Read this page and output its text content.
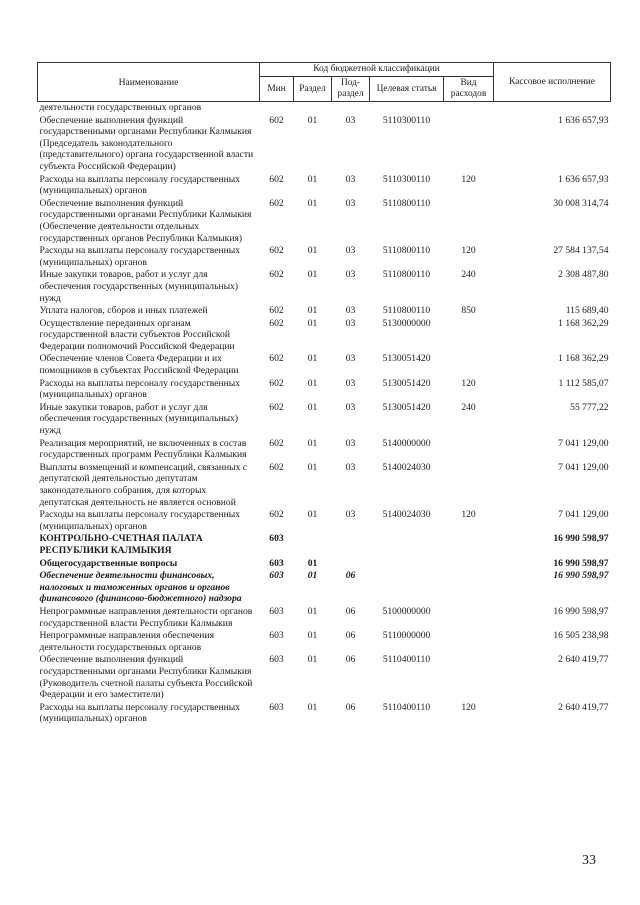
Наименование	Код бюджетной классификации					Кассовое исполнение
	Мин	Раздел	Под-раздел	Целевая статья	Вид расходов	
деятельности государственных органов						
Обеспечение выполнения функций государственными органами Республики Калмыкия (Председатель законодательного (представительного) органа государственной власти субъекта Российской Федерации)	602	01	03	5110300110		1 636 657,93
Расходы на выплаты персоналу государственных (муниципальных) органов	602	01	03	5110300110	120	1 636 657,93
Обеспечение выполнения функций государственными органами Республики Калмыкия (Обеспечение деятельности отдельных государственных органов Республики Калмыкия)	602	01	03	5110800110		30 008 314,74
Расходы на выплаты персоналу государственных (муниципальных) органов	602	01	03	5110800110	120	27 584 137,54
Иные закупки товаров, работ и услуг для обеспечения государственных (муниципальных) нужд	602	01	03	5110800110	240	2 308 487,80
Уплата налогов, сборов и иных платежей	602	01	03	5110800110	850	115 689,40
Осуществление переданных органам государственной власти субъектов Российской Федерации полномочий Российской Федерации	602	01	03	5130000000		1 168 362,29
Обеспечение членов Совета Федерации и их помощников в субъектах Российской Федерации	602	01	03	5130051420		1 168 362,29
Расходы на выплаты персоналу государственных (муниципальных) органов	602	01	03	5130051420	120	1 112 585,07
Иные закупки товаров, работ и услуг для обеспечения государственных (муниципальных) нужд	602	01	03	5130051420	240	55 777,22
Реализация мероприятий, не включенных в состав государственных программ Республики Калмыкия	602	01	03	5140000000		7 041 129,00
Выплаты возмещений и компенсаций, связанных с депутатской деятельностью депутатам законодательного собрания, для которых депутатская деятельность не является основной	602	01	03	5140024030		7 041 129,00
Расходы на выплаты персоналу государственных (муниципальных) органов	602	01	03	5140024030	120	7 041 129,00
КОНТРОЛЬНО-СЧЕТНАЯ ПАЛАТА РЕСПУБЛИКИ КАЛМЫКИЯ	603					16 990 598,97
Общегосударственные вопросы	603	01				16 990 598,97
Обеспечение деятельности финансовых, налоговых и таможенных органов и органов финансового (финансово-бюджетного) надзора	603	01	06			16 990 598,97
Непрограммные направления деятельности органов государственной власти Республики Калмыкия	603	01	06	5100000000		16 990 598,97
Непрограммные направления обеспечения деятельности государственных органов	603	01	06	5110000000		16 505 238,98
Обеспечение выполнения функций государственными органами Республики Калмыкия (Руководитель счетной палаты субъекта Российской Федерации и его заместители)	603	01	06	5110400110		2 640 419,77
Расходы на выплаты персоналу государственных (муниципальных) органов	603	01	06	5110400110	120	2 640 419,77
33
